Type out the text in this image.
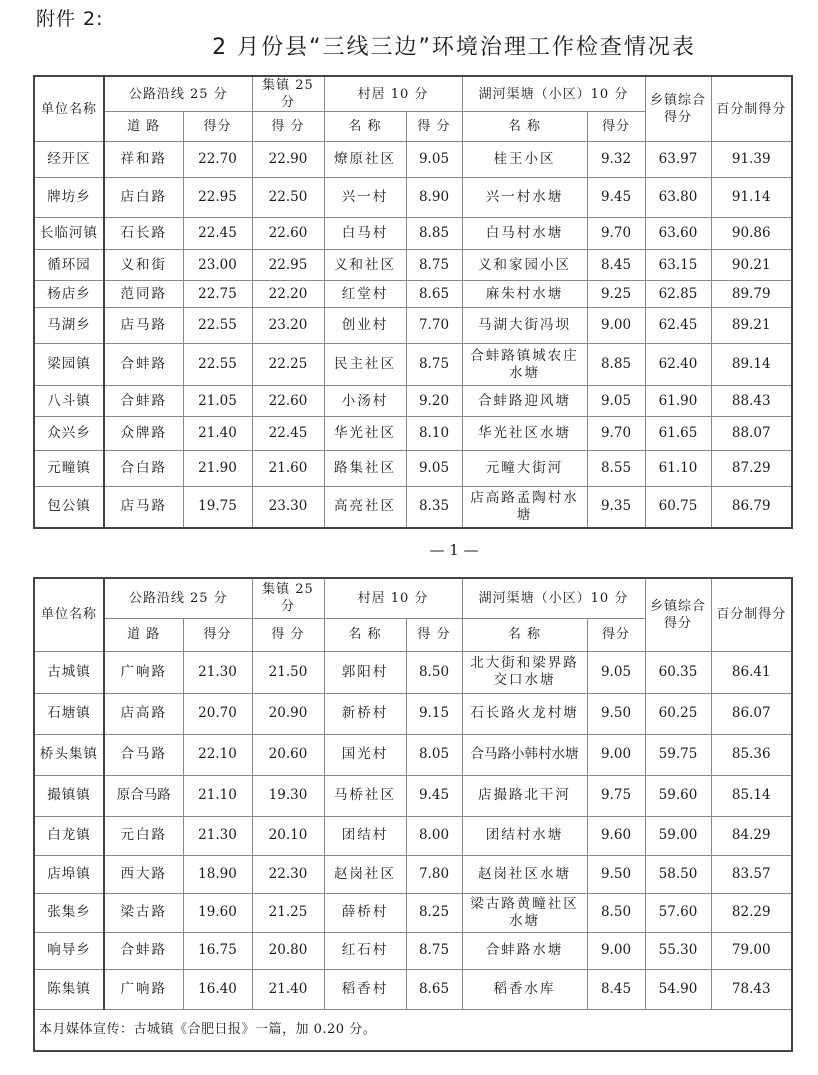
附件 2:
2 月份县“三线三边”环境治理工作检查情况表
单位名称	公路沿线 25 分		集镇 25 分	村居 10 分		湖河渠塘（小区）10 分		乡镇综合得分	百分制得分
	道 路	得分	得 分	名 称	得 分	名 称	得分		
经开区	祥和路	22.70	22.90	燎原社区	9.05	桂王小区	9.32	63.97	91.39
牌坊乡	店白路	22.95	22.50	兴一村	8.90	兴一村水塘	9.45	63.80	91.14
长临河镇	石长路	22.45	22.60	白马村	8.85	白马村水塘	9.70	63.60	90.86
循环园	义和街	23.00	22.95	义和社区	8.75	义和家园小区	8.45	63.15	90.21
杨店乡	范同路	22.75	22.20	红堂村	8.65	麻朱村水塘	9.25	62.85	89.79
马湖乡	店马路	22.55	23.20	创业村	7.70	马湖大街冯坝	9.00	62.45	89.21
梁园镇	合蚌路	22.55	22.25	民主社区	8.75	合蚌路镇城农庄水塘	8.85	62.40	89.14
八斗镇	合蚌路	21.05	22.60	小汤村	9.20	合蚌路迎风塘	9.05	61.90	88.43
众兴乡	众牌路	21.40	22.45	华光社区	8.10	华光社区水塘	9.70	61.65	88.07
元疃镇	合白路	21.90	21.60	路集社区	9.05	元疃大街河	8.55	61.10	87.29
包公镇	店马路	19.75	23.30	高亮社区	8.35	店高路孟陶村水塘	9.35	60.75	86.79
— 1 —
单位名称	公路沿线 25 分		集镇 25 分	村居 10 分		湖河渠塘（小区）10 分		乡镇综合得分	百分制得分
	道 路	得分	得 分	名 称	得 分	名 称	得分		
古城镇	广响路	21.30	21.50	郭阳村	8.50	北大街和梁界路交口水塘	9.05	60.35	86.41
石塘镇	店高路	20.70	20.90	新桥村	9.15	石长路火龙村塘	9.50	60.25	86.07
桥头集镇	合马路	22.10	20.60	国光村	8.05	合马路小韩村水塘	9.00	59.75	85.36
撮镇镇	原合马路	21.10	19.30	马桥社区	9.45	店撮路北干河	9.75	59.60	85.14
白龙镇	元白路	21.30	20.10	团结村	8.00	团结村水塘	9.60	59.00	84.29
店埠镇	西大路	18.90	22.30	赵岗社区	7.80	赵岗社区水塘	9.50	58.50	83.57
张集乡	梁古路	19.60	21.25	薛桥村	8.25	梁古路黄疃社区水塘	8.50	57.60	82.29
响导乡	合蚌路	16.75	20.80	红石村	8.75	合蚌路水塘	9.00	55.30	79.00
陈集镇	广响路	16.40	21.40	稻香村	8.65	稻香水库	8.45	54.90	78.43
本月媒体宣传：古城镇《合肥日报》一篇，加 0.20 分。									
